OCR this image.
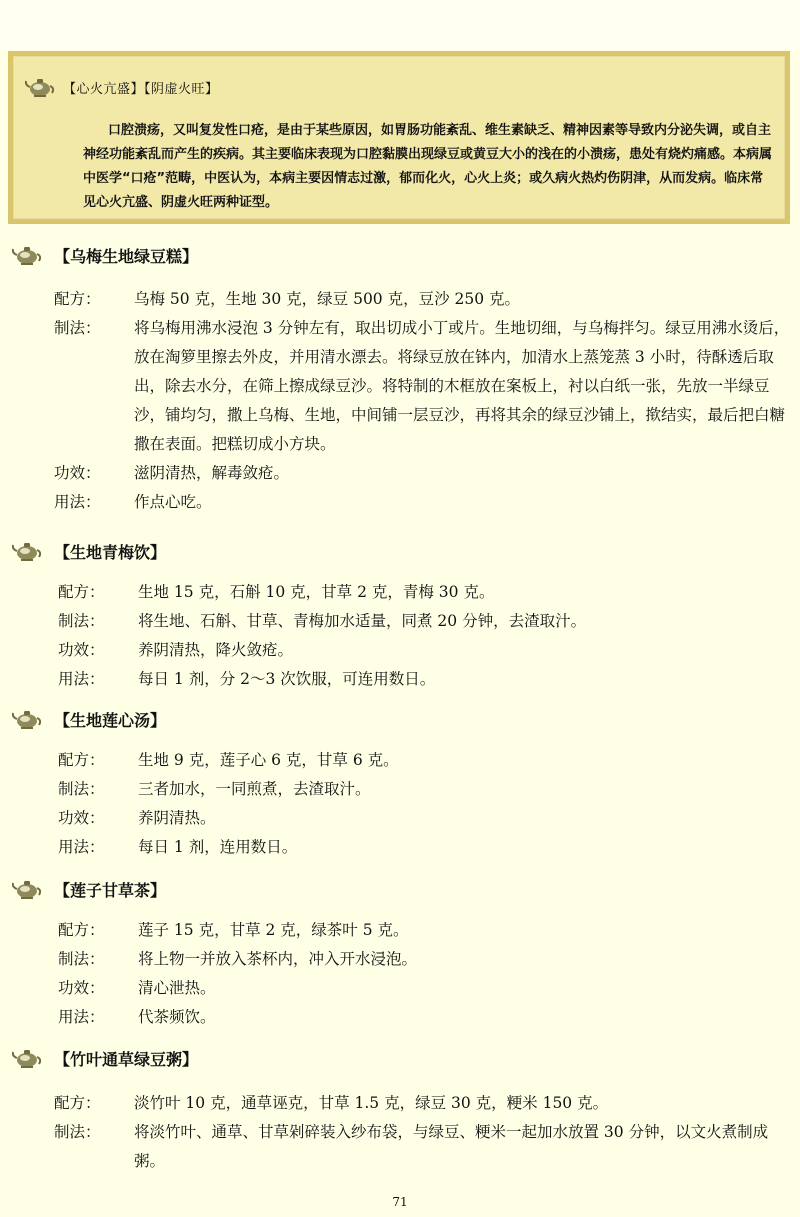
【心火亢盛】【阴虚火旺】
口腔溃疡，又叫复发性口疮，是由于某些原因，如胃肠功能紊乱、维生素缺乏、精神因素等导致内分泌失调，或自主神经功能紊乱而产生的疾病。其主要临床表现为口腔黏膜出现绿豆或黄豆大小的浅在的小溃疡，患处有烧灼痛感。本病属中医学“口疮”范畴，中医认为，本病主要因情志过激，郁而化火，心火上炎；或久病火热灼伤阴津，从而发病。临床常见心火亢盛、阴虚火旺两种证型。
【乌梅生地绿豆糕】
配方：	乌梅 50 克，生地 30 克，绿豆 500 克，豆沙 250 克。
制法：	将乌梅用沸水浸泡 3 分钟左有，取出切成小丁或片。生地切细，与乌梅拌匀。绿豆用沸水烫后，放在淘箩里擦去外皮，并用清水漂去。将绿豆放在钵内，加清水上蒸笼蒸 3 小时，待酥透后取出，除去水分，在筛上擦成绿豆沙。将特制的木框放在案板上，衬以白纸一张，先放一半绿豆沙，铺均匀，撒上乌梅、生地，中间铺一层豆沙，再将其余的绿豆沙铺上，揿结实，最后把白糖撒在表面。把糕切成小方块。
功效：	滋阴清热，解毒敛疮。
用法：	作点心吃。
【生地青梅饮】
配方：	生地 15 克，石斛 10 克，甘草 2 克，青梅 30 克。
制法：	将生地、石斛、甘草、青梅加水适量，同煮 20 分钟，去渣取汁。
功效：	养阴清热，降火敛疮。
用法：	每日 1 剂，分 2～3 次饮服，可连用数日。
【生地莲心汤】
配方：	生地 9 克，莲子心 6 克，甘草 6 克。
制法：	三者加水，一同煎煮，去渣取汁。
功效：	养阴清热。
用法：	每日 1 剂，连用数日。
【莲子甘草茶】
配方：	莲子 15 克，甘草 2 克，绿茶叶 5 克。
制法：	将上物一并放入茶杯内，冲入开水浸泡。
功效：	清心泄热。
用法：	代茶频饮。
【竹叶通草绿豆粥】
配方：	淡竹叶 10 克，通草诬克，甘草 1.5 克，绿豆 30 克，粳米 150 克。
制法：	将淡竹叶、通草、甘草剁碎装入纱布袋，与绿豆、粳米一起加水放置 30 分钟，以文火煮制成粥。
71
